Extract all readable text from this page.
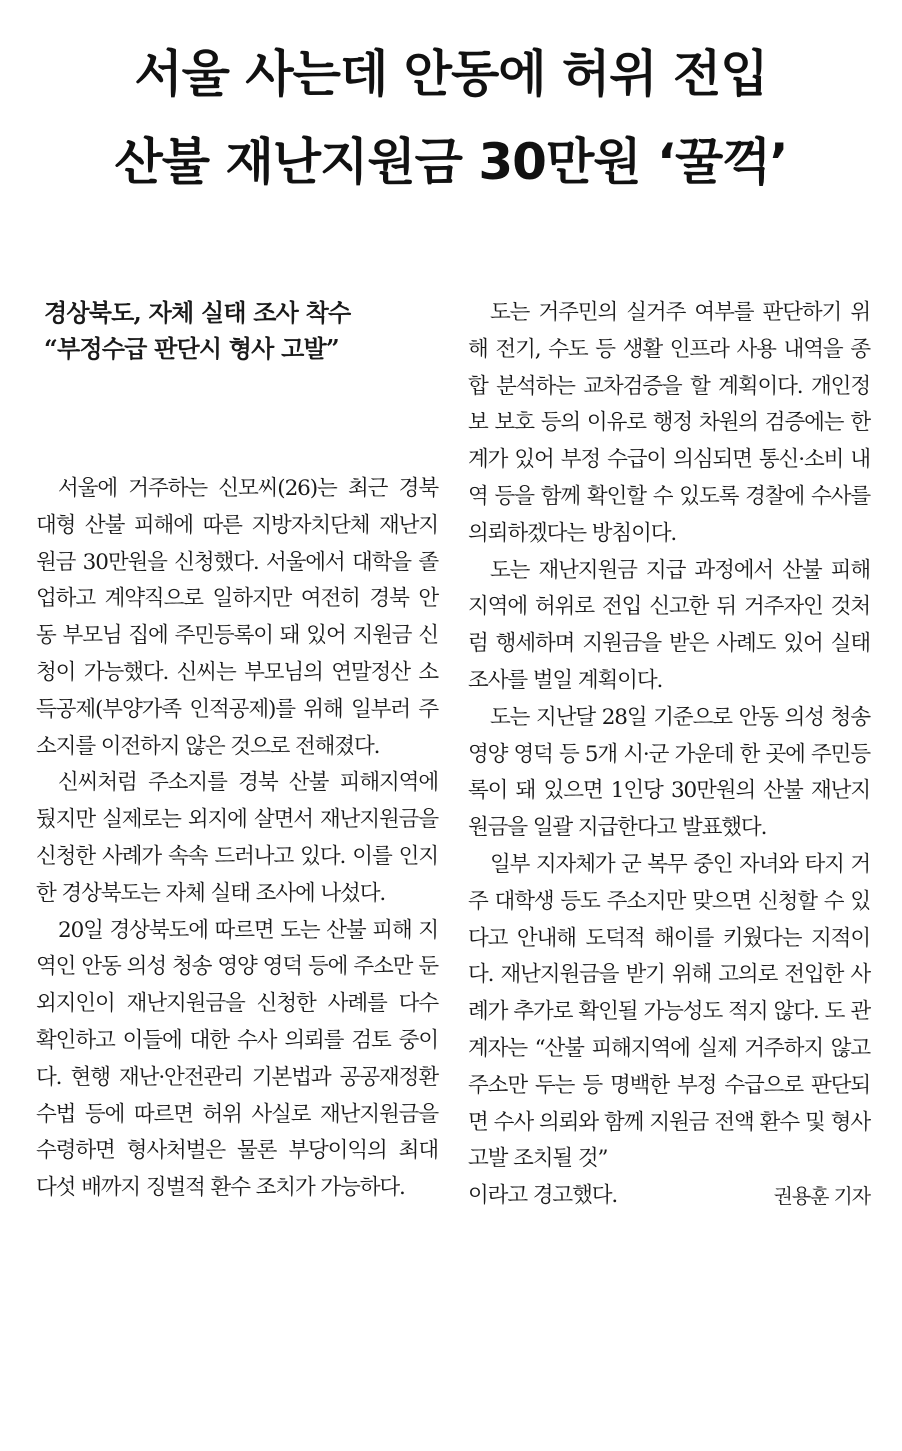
서울 사는데 안동에 허위 전입
산불 재난지원금 30만원 ‘꿀꺽’
경상북도, 자체 실태 조사 착수
“부정수급 판단시 형사 고발”

서울에 거주하는 신모씨(26)는 최근 경북 대형 산불 피해에 따른 지방자치단체 재난지원금 30만원을 신청했다. 서울에서 대학을 졸업하고 계약직으로 일하지만 여전히 경북 안동 부모님 집에 주민등록이 돼 있어 지원금 신청이 가능했다. 신씨는 부모님의 연말정산 소득공제(부양가족 인적공제)를 위해 일부러 주소지를 이전하지 않은 것으로 전해졌다.

신씨처럼 주소지를 경북 산불 피해지역에 뒀지만 실제로는 외지에 살면서 재난지원금을 신청한 사례가 속속 드러나고 있다. 이를 인지한 경상북도는 자체 실태 조사에 나섰다.

20일 경상북도에 따르면 도는 산불 피해 지역인 안동 의성 청송 영양 영덕 등에 주소만 둔 외지인이 재난지원금을 신청한 사례를 다수 확인하고 이들에 대한 수사 의뢰를 검토 중이다. 현행 재난·안전관리 기본법과 공공재정환수법 등에 따르면 허위 사실로 재난지원금을 수령하면 형사처벌은 물론 부당이익의 최대 다섯 배까지 징벌적 환수 조치가 가능하다.

도는 거주민의 실거주 여부를 판단하기 위해 전기, 수도 등 생활 인프라 사용 내역을 종합 분석하는 교차검증을 할 계획이다. 개인정보 보호 등의 이유로 행정 차원의 검증에는 한계가 있어 부정 수급이 의심되면 통신·소비 내역 등을 함께 확인할 수 있도록 경찰에 수사를 의뢰하겠다는 방침이다.

도는 재난지원금 지급 과정에서 산불 피해 지역에 허위로 전입 신고한 뒤 거주자인 것처럼 행세하며 지원금을 받은 사례도 있어 실태 조사를 벌일 계획이다.

도는 지난달 28일 기준으로 안동 의성 청송 영양 영덕 등 5개 시·군 가운데 한 곳에 주민등록이 돼 있으면 1인당 30만원의 산불 재난지원금을 일괄 지급한다고 발표했다.

일부 지자체가 군 복무 중인 자녀와 타지 거주 대학생 등도 주소지만 맞으면 신청할 수 있다고 안내해 도덕적 해이를 키웠다는 지적이다. 재난지원금을 받기 위해 고의로 전입한 사례가 추가로 확인될 가능성도 적지 않다. 도 관계자는 “산불 피해지역에 실제 거주하지 않고 주소만 두는 등 명백한 부정 수급으로 판단되면 수사 의뢰와 함께 지원금 전액 환수 및 형사 고발 조치될 것”

이라고 경고했다.	권용훈 기자
